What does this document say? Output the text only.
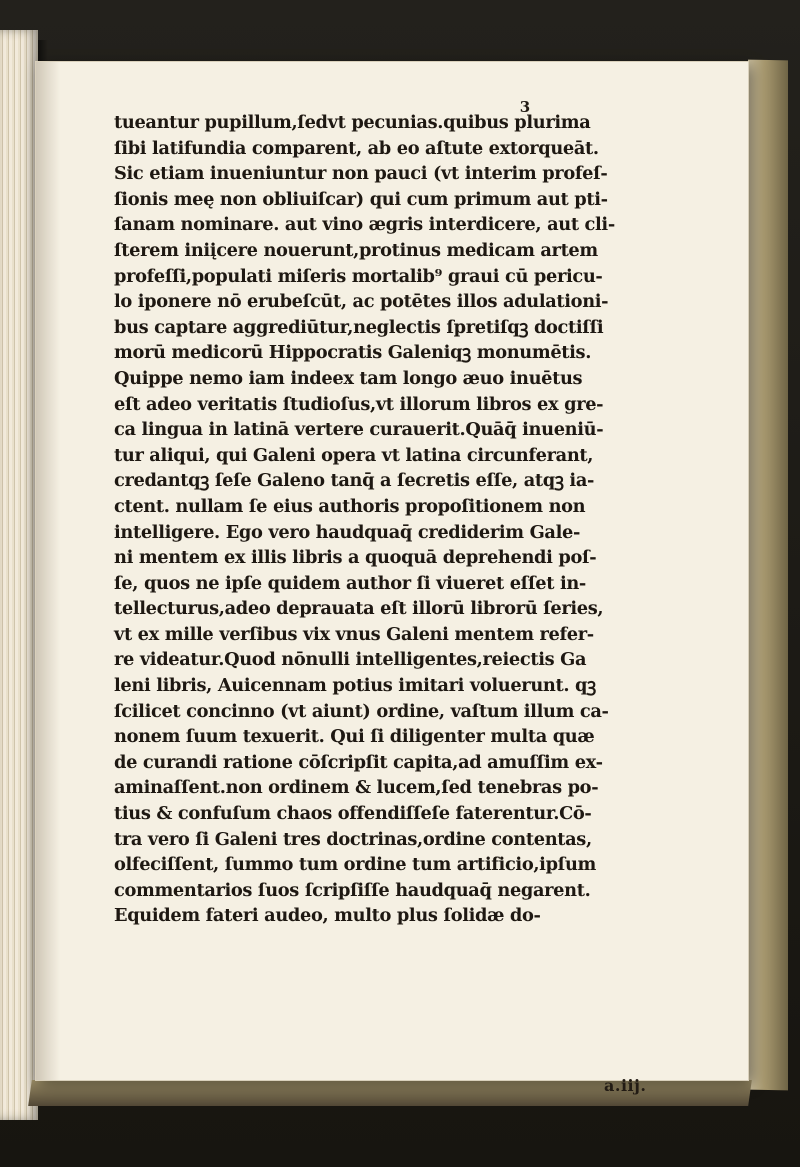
3
tueantur pupillum,ſedvt pecunias.quibus plurima
ſibi latifundia comparent, ab eo aſtute extorqueāt.
Sic etiam inueniuntur non pauci (vt interim profeſ-
ſionis meę non obliuiſcar) qui cum primum aut pti-
ſanam nominare. aut vino ægris interdicere, aut cli-
ſterem iniįcere nouerunt,protinus medicam artem
profeſſi,populati miſeris mortalib⁹ graui cū pericu-
lo iponere nō erubeſcūt, ac potētes illos adulationi-
bus captare aggrediūtur,neglectis ſpretiſqꝫ doctiſſi
morū medicorū Hippocratis Galeniqꝫ monumētis.
Quippe nemo iam indeex tam longo æuo inuētus
eſt adeo veritatis ſtudioſus,vt illorum libros ex gre-
ca lingua in latinā vertere curauerit.Quāq̄ inueniū-
tur aliqui, qui Galeni opera vt latina circunferant,
credantqꝫ ſeſe Galeno tanq̄ a ſecretis eſſe, atqꝫ ia-
ctent. nullam ſe eius authoris propoſitionem non
intelligere. Ego vero haudquaq̄ crediderim Gale-
ni mentem ex illis libris a quoquā deprehendi poſ-
ſe, quos ne ipſe quidem author ſi viueret eſſet in-
tellecturus,adeo deprauata eſt illorū librorū ſeries,
vt ex mille verſibus vix vnus Galeni mentem refer-
re videatur.Quod nōnulli intelligentes,reiectis Ga
leni libris, Auicennam potius imitari voluerunt. qꝫ
ſcilicet concinno (vt aiunt) ordine, vaſtum illum ca-
nonem ſuum texuerit. Qui ſi diligenter multa quæ
de curandi ratione cōſcripſit capita,ad amuſſim ex-
aminaſſent.non ordinem & lucem,ſed tenebras po-
tius & confuſum chaos offendiſſeſe faterentur.Cō-
tra vero ſi Galeni tres doctrinas,ordine contentas,
olfeciſſent, ſummo tum ordine tum artificio,ipſum
commentarios ſuos ſcripſiſſe haudquaq̄ negarent.
Equidem fateri audeo, multo plus ſolidæ do-
a.iij.
